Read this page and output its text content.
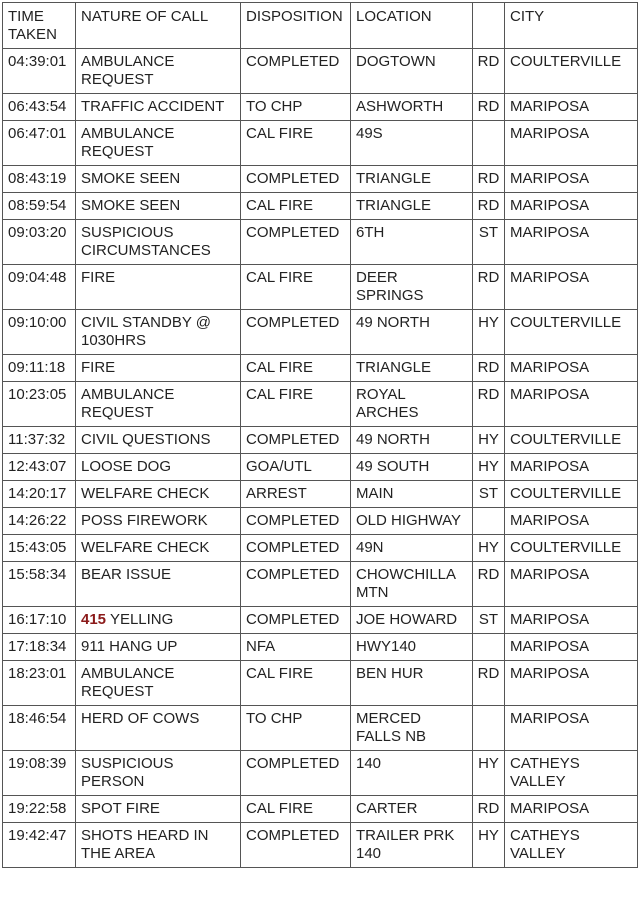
TIME TAKEN	NATURE OF CALL	DISPOSITION	LOCATION		CITY
04:39:01	AMBULANCE REQUEST	COMPLETED	DOGTOWN	RD	COULTERVILLE
06:43:54	TRAFFIC ACCIDENT	TO CHP	ASHWORTH	RD	MARIPOSA
06:47:01	AMBULANCE REQUEST	CAL FIRE	49S		MARIPOSA
08:43:19	SMOKE SEEN	COMPLETED	TRIANGLE	RD	MARIPOSA
08:59:54	SMOKE SEEN	CAL FIRE	TRIANGLE	RD	MARIPOSA
09:03:20	SUSPICIOUS CIRCUMSTANCES	COMPLETED	6TH	ST	MARIPOSA
09:04:48	FIRE	CAL FIRE	DEER SPRINGS	RD	MARIPOSA
09:10:00	CIVIL STANDBY @ 1030HRS	COMPLETED	49 NORTH	HY	COULTERVILLE
09:11:18	FIRE	CAL FIRE	TRIANGLE	RD	MARIPOSA
10:23:05	AMBULANCE REQUEST	CAL FIRE	ROYAL ARCHES	RD	MARIPOSA
11:37:32	CIVIL QUESTIONS	COMPLETED	49 NORTH	HY	COULTERVILLE
12:43:07	LOOSE DOG	GOA/UTL	49 SOUTH	HY	MARIPOSA
14:20:17	WELFARE CHECK	ARREST	MAIN	ST	COULTERVILLE
14:26:22	POSS FIREWORK	COMPLETED	OLD HIGHWAY		MARIPOSA
15:43:05	WELFARE CHECK	COMPLETED	49N	HY	COULTERVILLE
15:58:34	BEAR ISSUE	COMPLETED	CHOWCHILLA MTN	RD	MARIPOSA
16:17:10	415 YELLING	COMPLETED	JOE HOWARD	ST	MARIPOSA
17:18:34	911 HANG UP	NFA	HWY140		MARIPOSA
18:23:01	AMBULANCE REQUEST	CAL FIRE	BEN HUR	RD	MARIPOSA
18:46:54	HERD OF COWS	TO CHP	MERCED FALLS NB		MARIPOSA
19:08:39	SUSPICIOUS PERSON	COMPLETED	140	HY	CATHEYS VALLEY
19:22:58	SPOT FIRE	CAL FIRE	CARTER	RD	MARIPOSA
19:42:47	SHOTS HEARD IN THE AREA	COMPLETED	TRAILER PRK 140	HY	CATHEYS VALLEY
